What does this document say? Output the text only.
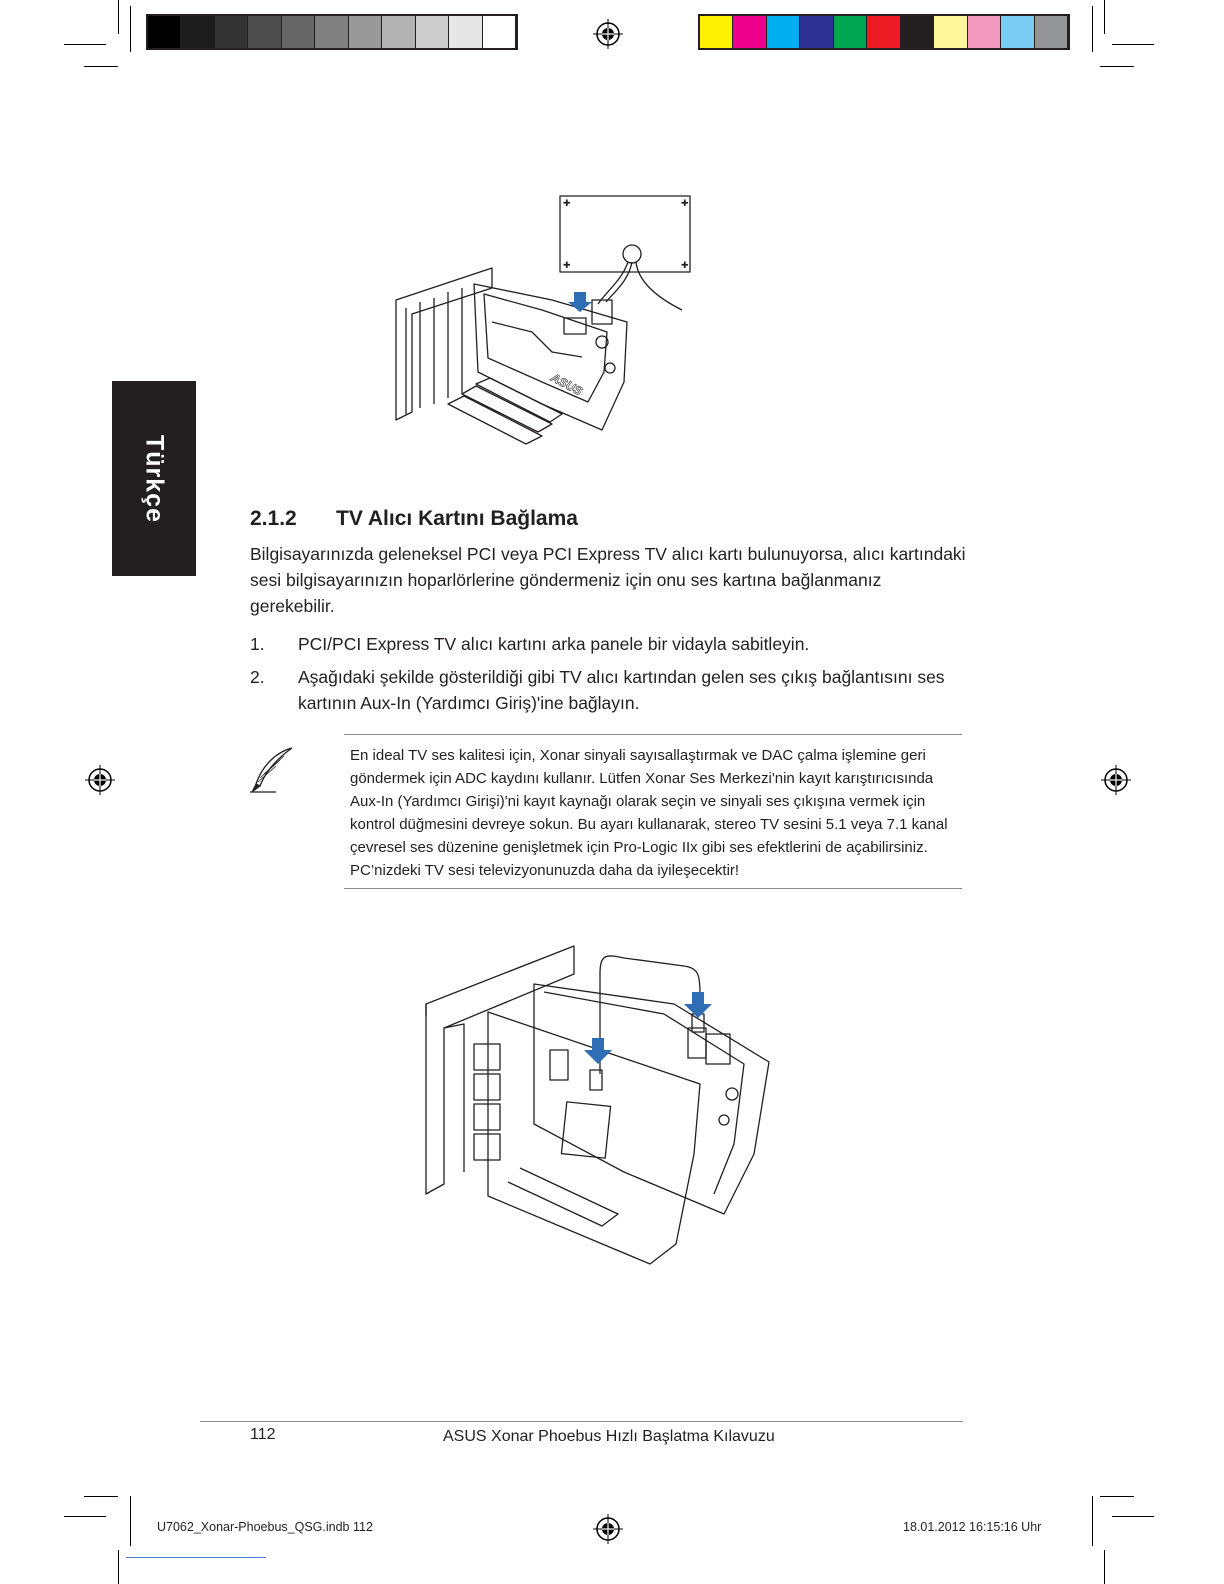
Türkçe
✚	✚
✚	✚
ASUS
2.1.2 TV Alıcı Kartını Bağlama
Bilgisayarınızda geleneksel PCI veya PCI Express TV alıcı kartı bulunuyorsa, alıcı kartındaki sesi bilgisayarınızın hoparlörlerine göndermeniz için onu ses kartına bağlanmanız gerekebilir.
1. PCI/PCI Express TV alıcı kartını arka panele bir vidayla sabitleyin.
2. Aşağıdaki şekilde gösterildiği gibi TV alıcı kartından gelen ses çıkış bağlantısını ses kartının Aux-In (Yardımcı Giriş)'ine bağlayın.
En ideal TV ses kalitesi için, Xonar sinyali sayısallaştırmak ve DAC çalma işlemine geri göndermek için ADC kaydını kullanır. Lütfen Xonar Ses Merkezi'nin kayıt karıştırıcısında Aux-In (Yardımcı Girişi)'ni kayıt kaynağı olarak seçin ve sinyali ses çıkışına vermek için kontrol düğmesini devreye sokun. Bu ayarı kullanarak, stereo TV sesini 5.1 veya 7.1 kanal çevresel ses düzenine genişletmek için Pro-Logic IIx gibi ses efektlerini de açabilirsiniz. PC’nizdeki TV sesi televizyonunuzda daha da iyileşecektir!
112	ASUS Xonar Phoebus Hızlı Başlatma Kılavuzu
U7062_Xonar-Phoebus_QSG.indb 112	18.01.2012 16:15:16 Uhr
